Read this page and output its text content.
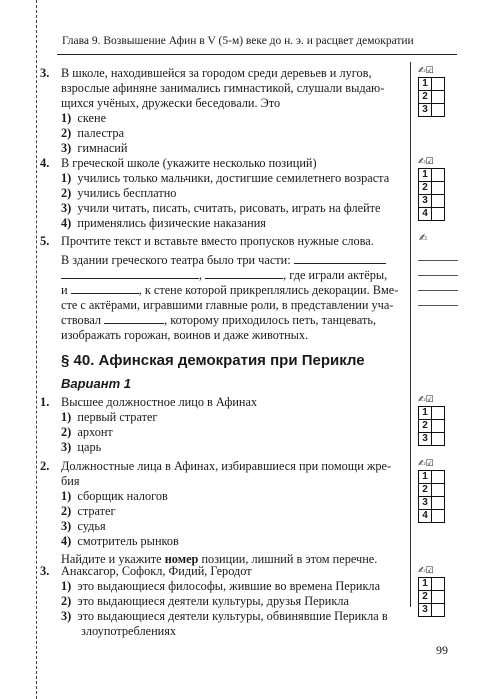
Глава 9. Возвышение Афин в V (5-м) веке до н. э. и расцвет демократии
3. В школе, находившейся за городом среди деревьев и лугов,
взрослые афиняне занимались гимнастикой, слушали выдаю-
щихся учёных, дружески беседовали. Это
1) скене
2) палестра
3) гимнасий
✍☑
1
2
3
4. В греческой школе (укажите несколько позиций)
1) учились только мальчики, достигшие семилетнего возраста
2) учились бесплатно
3) учили читать, писать, считать, рисовать, играть на флейте
4) применялись физические наказания
✍☑
1
2
3
4
5. Прочтите текст и вставьте вместо пропусков нужные слова.	✍
В здании греческого театра было три части:
,	, где играли актёры,
и	, к стене которой прикреплялись декорации. Вме-
сте с актёрами, игравшими главные роли, в представлении уча-
ствовал	, которому приходилось петь, танцевать,
изображать горожан, воинов и даже животных.
§ 40. Афинская демократия при Перикле
Вариант 1
1. Высшее должностное лицо в Афинах
1) первый стратег
2) архонт
3) царь
✍☑
1
2
3
2. Должностные лица в Афинах, избиравшиеся при помощи жре-
бия
1) сборщик налогов
2) стратег
3) судья
4) смотритель рынков
Найдите и укажите номер позиции, лишний в этом перечне.
✍☑
1
2
3
4
3. Анаксагор, Софокл, Фидий, Геродот
1) это выдающиеся философы, жившие во времена Перикла
2) это выдающиеся деятели культуры, друзья Перикла
3) это выдающиеся деятели культуры, обвинявшие Перикла в
злоупотреблениях
✍☑
1
2
3
99
